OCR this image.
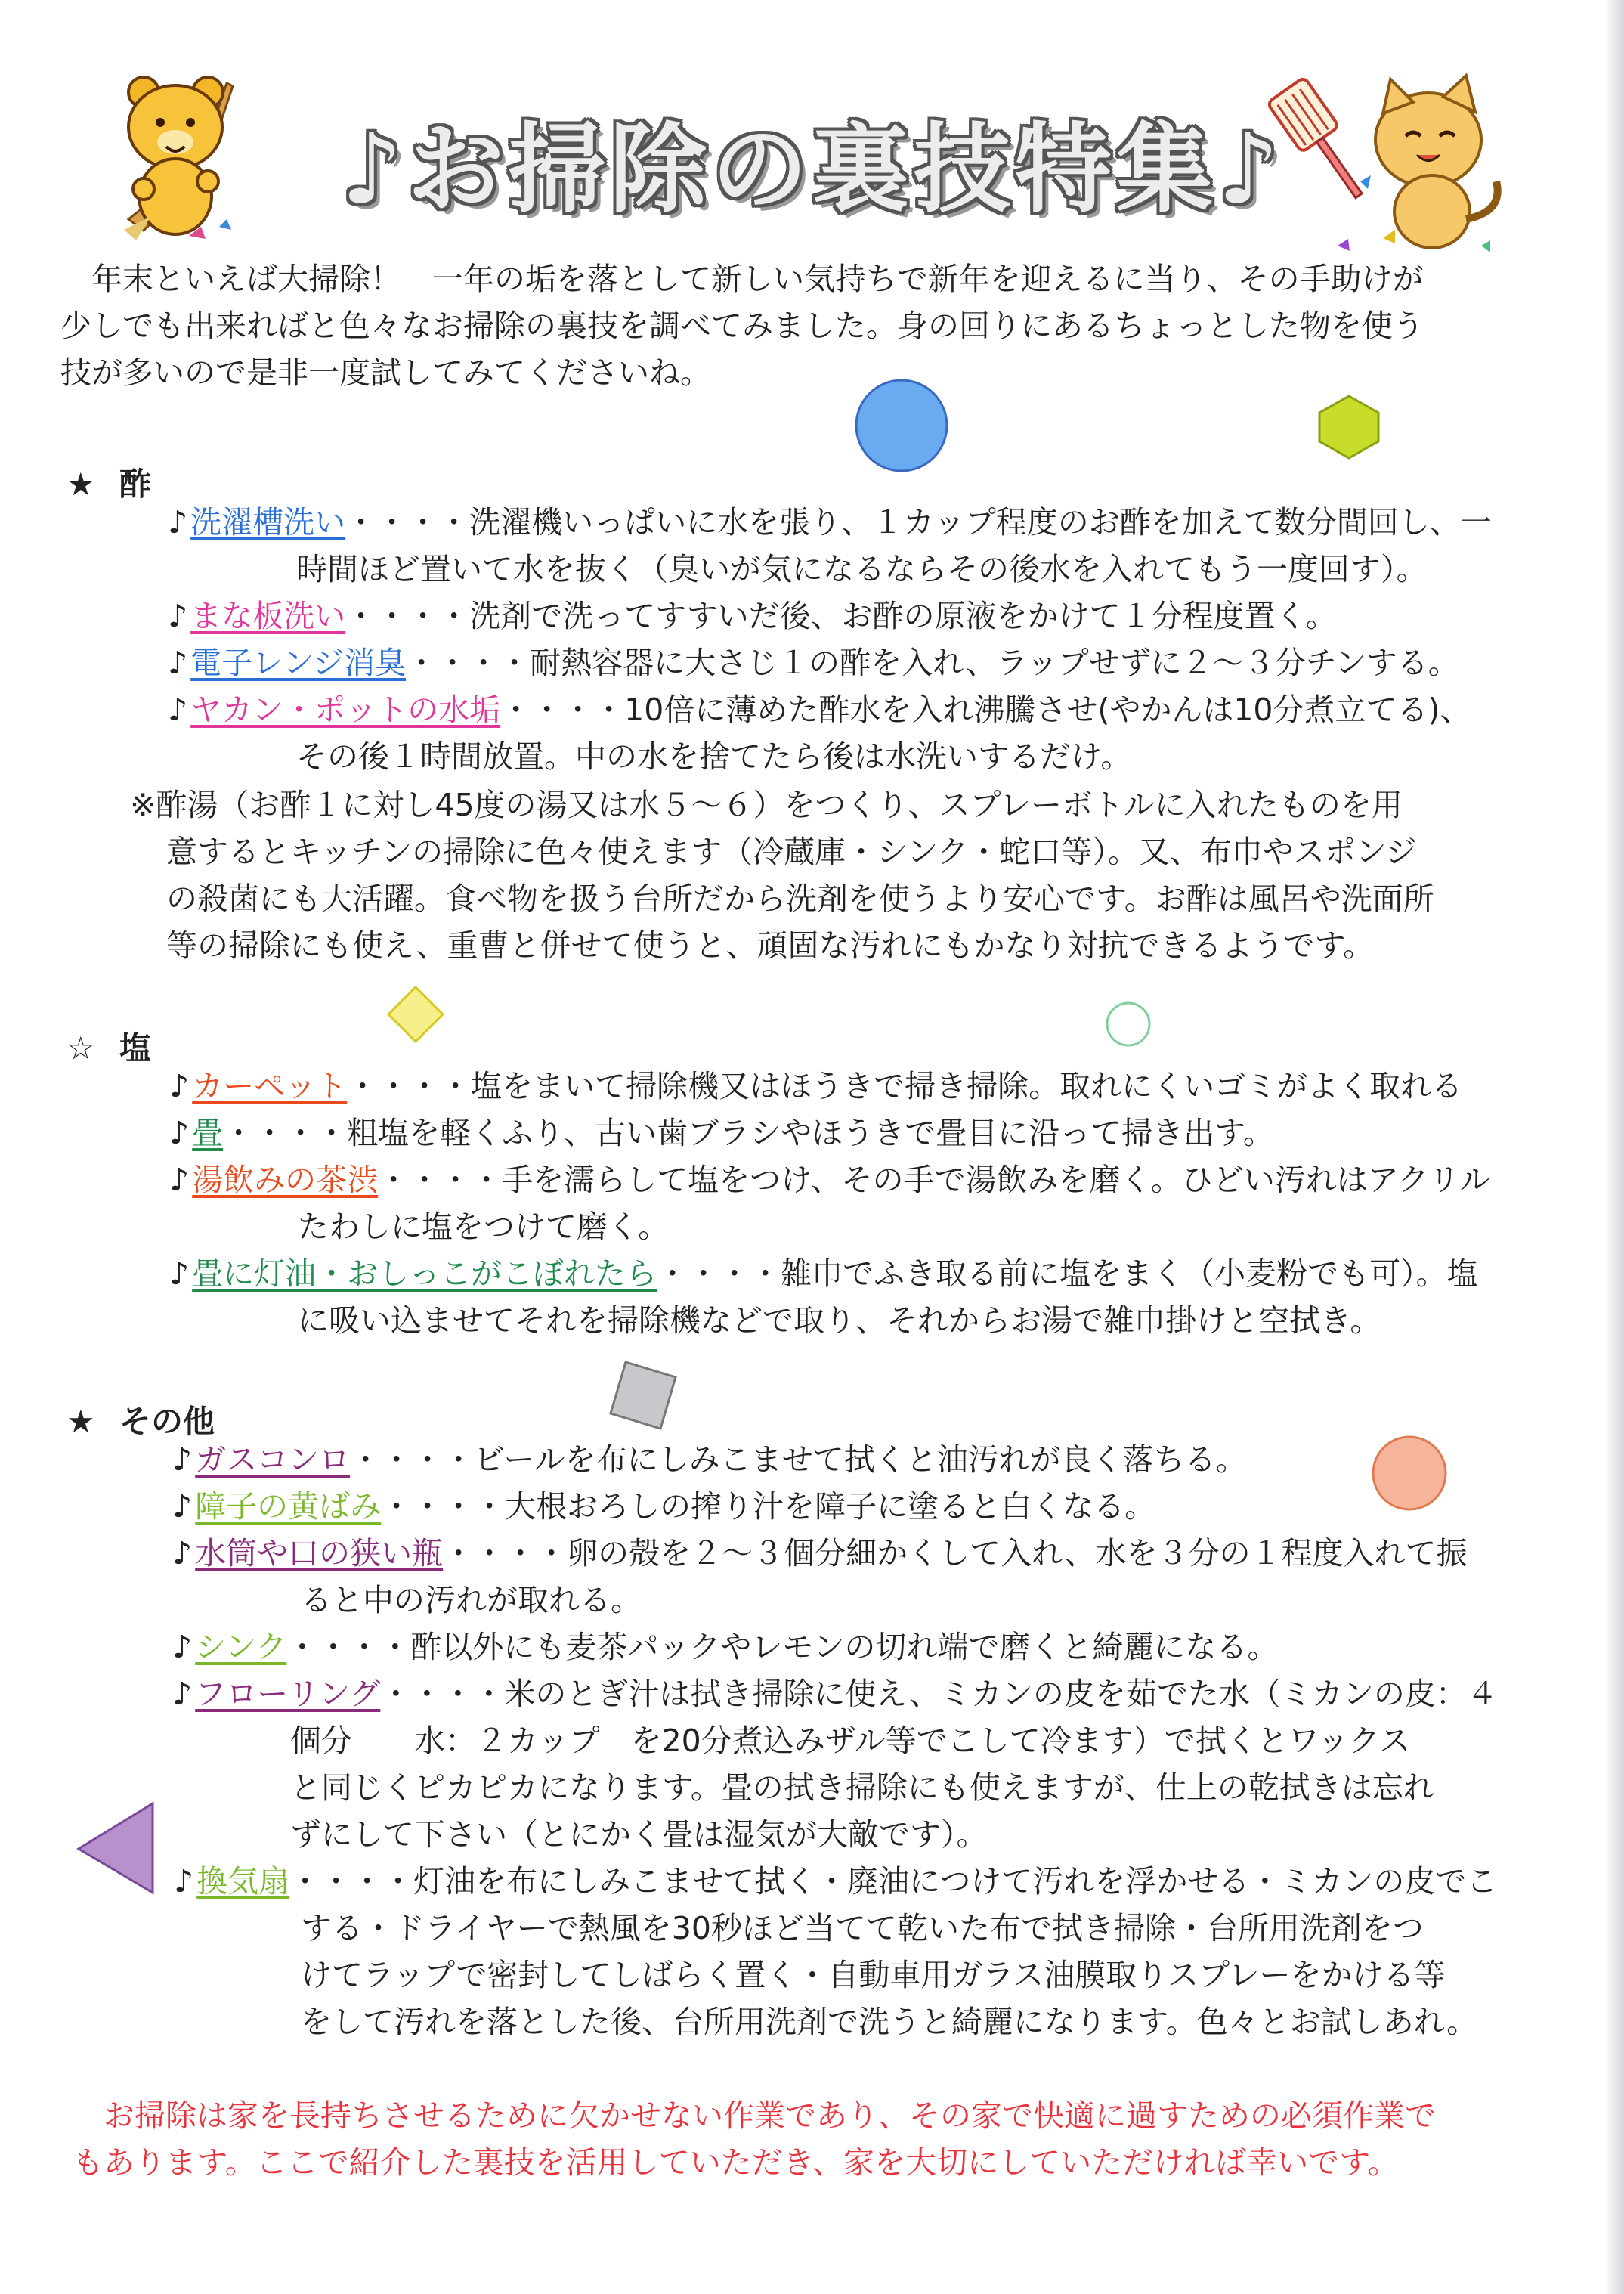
♪お掃除の裏技特集♪
　年末といえば大掃除！　一年の垢を落として新しい気持ちで新年を迎えるに当り、その手助けが
少しでも出来ればと色々なお掃除の裏技を調べてみました。身の回りにあるちょっとした物を使う
技が多いので是非一度試してみてくださいね。
★ 酢
♪洗濯槽洗い・・・・洗濯機いっぱいに水を張り、１カップ程度のお酢を加えて数分間回し、一
時間ほど置いて水を抜く（臭いが気になるならその後水を入れてもう一度回す）。
♪まな板洗い・・・・洗剤で洗ってすすいだ後、お酢の原液をかけて１分程度置く。
♪電子レンジ消臭・・・・耐熱容器に大さじ１の酢を入れ、ラップせずに２～３分チンする。
♪ヤカン・ポットの水垢・・・・10倍に薄めた酢水を入れ沸騰させ(やかんは10分煮立てる)、
その後１時間放置。中の水を捨てたら後は水洗いするだけ。
※酢湯（お酢１に対し45度の湯又は水５～６）をつくり、スプレーボトルに入れたものを用
意するとキッチンの掃除に色々使えます（冷蔵庫・シンク・蛇口等）。又、布巾やスポンジ
の殺菌にも大活躍。食べ物を扱う台所だから洗剤を使うより安心です。お酢は風呂や洗面所
等の掃除にも使え、重曹と併せて使うと、頑固な汚れにもかなり対抗できるようです。
☆ 塩
♪カーペット・・・・塩をまいて掃除機又はほうきで掃き掃除。取れにくいゴミがよく取れる
♪畳・・・・粗塩を軽くふり、古い歯ブラシやほうきで畳目に沿って掃き出す。
♪湯飲みの茶渋・・・・手を濡らして塩をつけ、その手で湯飲みを磨く。ひどい汚れはアクリル
たわしに塩をつけて磨く。
♪畳に灯油・おしっこがこぼれたら・・・・雑巾でふき取る前に塩をまく（小麦粉でも可）。塩
に吸い込ませてそれを掃除機などで取り、それからお湯で雑巾掛けと空拭き。
★ その他
♪ガスコンロ・・・・ビールを布にしみこませて拭くと油汚れが良く落ちる。
♪障子の黄ばみ・・・・大根おろしの搾り汁を障子に塗ると白くなる。
♪水筒や口の狭い瓶・・・・卵の殻を２～３個分細かくして入れ、水を３分の１程度入れて振
ると中の汚れが取れる。
♪シンク・・・・酢以外にも麦茶パックやレモンの切れ端で磨くと綺麗になる。
♪フローリング・・・・米のとぎ汁は拭き掃除に使え、ミカンの皮を茹でた水（ミカンの皮：４
個分　　水：２カップ　を20分煮込みザル等でこして冷ます）で拭くとワックス
と同じくピカピカになります。畳の拭き掃除にも使えますが、仕上の乾拭きは忘れ
ずにして下さい（とにかく畳は湿気が大敵です）。
♪換気扇・・・・灯油を布にしみこませて拭く・廃油につけて汚れを浮かせる・ミカンの皮でこ
する・ドライヤーで熱風を30秒ほど当てて乾いた布で拭き掃除・台所用洗剤をつ
けてラップで密封してしばらく置く・自動車用ガラス油膜取りスプレーをかける等
をして汚れを落とした後、台所用洗剤で洗うと綺麗になります。色々とお試しあれ。
　お掃除は家を長持ちさせるために欠かせない作業であり、その家で快適に過すための必須作業で
もあります。ここで紹介した裏技を活用していただき、家を大切にしていただければ幸いです。
